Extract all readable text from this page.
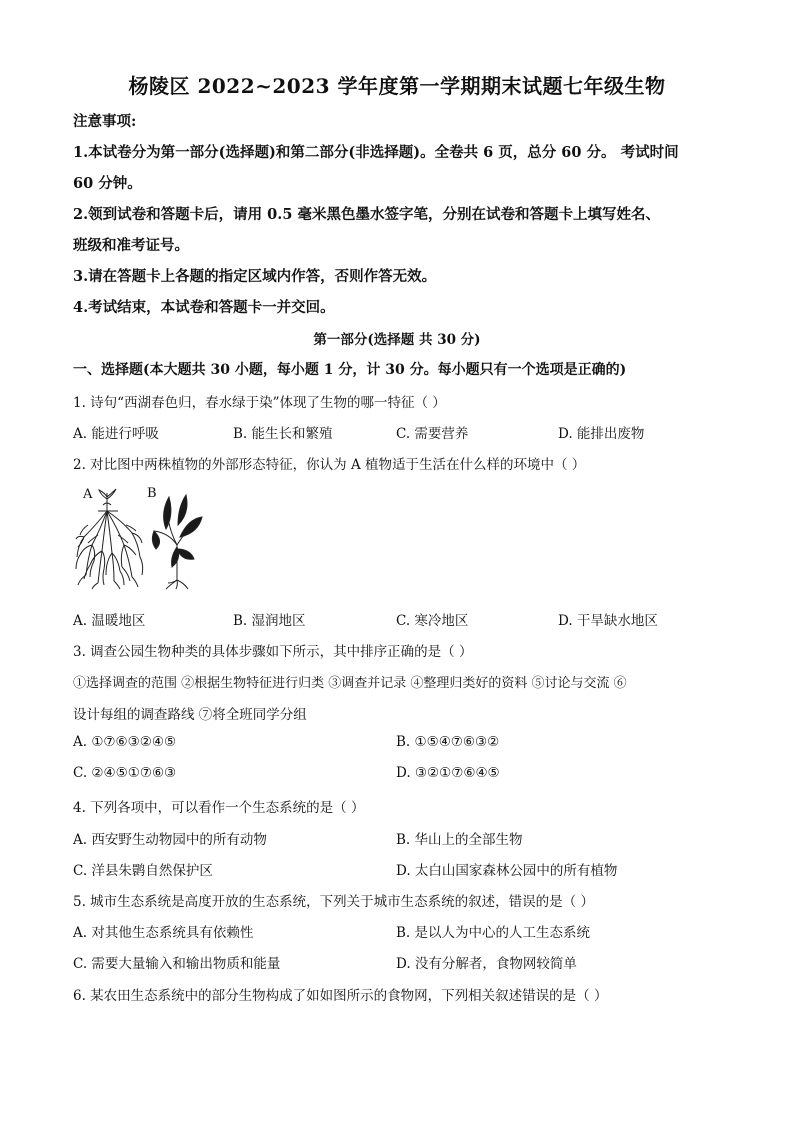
杨陵区 2022~2023 学年度第一学期期末试题七年级生物
注意事项:
1.本试卷分为第一部分(选择题)和第二部分(非选择题)。全卷共 6 页，总分 60 分。 考试时间
60 分钟。
2.领到试卷和答题卡后，请用 0.5 毫米黑色墨水签字笔，分别在试卷和答题卡上填写姓名、
班级和准考证号。
3.请在答题卡上各题的指定区域内作答，否则作答无效。
4.考试结束，本试卷和答题卡一并交回。
第一部分(选择题 共 30 分)
一、选择题(本大题共 30 小题，每小题 1 分，计 30 分。每小题只有一个选项是正确的)
1. 诗句“西湖春色归，春水绿于染”体现了生物的哪一特征（ ）
A. 能进行呼吸	B. 能生长和繁殖	C. 需要营养	D. 能排出废物
2. 对比图中两株植物的外部形态特征，你认为 A 植物适于生活在什么样的环境中（ ）
A	B
A. 温暖地区	B. 湿润地区	C. 寒冷地区	D. 干旱缺水地区
3. 调查公园生物种类的具体步骤如下所示，其中排序正确的是（ ）
①选择调查的范围 ②根据生物特征进行归类 ③调查并记录 ④整理归类好的资料 ⑤讨论与交流 ⑥
设计每组的调查路线 ⑦将全班同学分组
A. ①⑦⑥③②④⑤	B. ①⑤④⑦⑥③②
C. ②④⑤①⑦⑥③	D. ③②①⑦⑥④⑤
4. 下列各项中，可以看作一个生态系统的是（ ）
A. 西安野生动物园中的所有动物	B. 华山上的全部生物
C. 洋县朱鹮自然保护区	D. 太白山国家森林公园中的所有植物
5. 城市生态系统是高度开放的生态系统，下列关于城市生态系统的叙述，错误的是（ ）
A. 对其他生态系统具有依赖性	B. 是以人为中心的人工生态系统
C. 需要大量输入和输出物质和能量	D. 没有分解者，食物网较简单
6. 某农田生态系统中的部分生物构成了如如图所示的食物网，下列相关叙述错误的是（ ）
